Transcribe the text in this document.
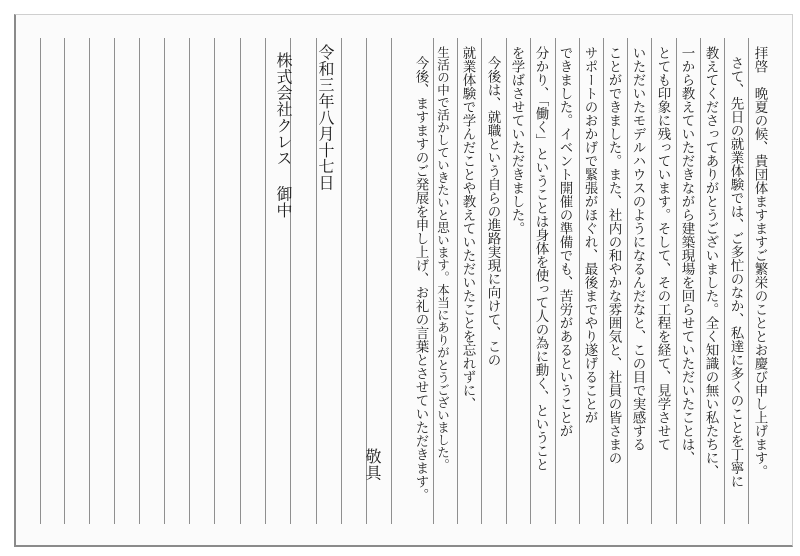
令和三年八月十七日
株式会社クレス 御中
敬具	拝啓　晩夏の候、貴団体ますますご繁栄のこととお慶び申し上げます。
さて、先日の就業体験では、ご多忙のなか、私達に多くのことを丁寧に
教えてくださってありがとうございました。全く知識の無い私たちに、
一から教えていただきながら建築現場を回らせていただいたことは、
とても印象に残っています。そして、その工程を経て、見学させて
いただいたモデルハウスのようになるんだなと、この目で実感する
ことができました。また、社内の和やかな雰囲気と、社員の皆さまの
サポートのおかげで緊張がほぐれ、最後までやり遂げることが
できました。イベント開催の準備でも、苦労があるということが
分かり、「働く」ということは身体を使って人の為に動く、ということ
を学ばさせていただきました。
今後は、就職という自らの進路実現に向けて、この
就業体験で学んだことや教えていただいたことを忘れずに、
生活の中で活かしていきたいと思います。本当にありがとうございました。
今後、ますますのご発展を申し上げ、お礼の言葉とさせていただきます。
